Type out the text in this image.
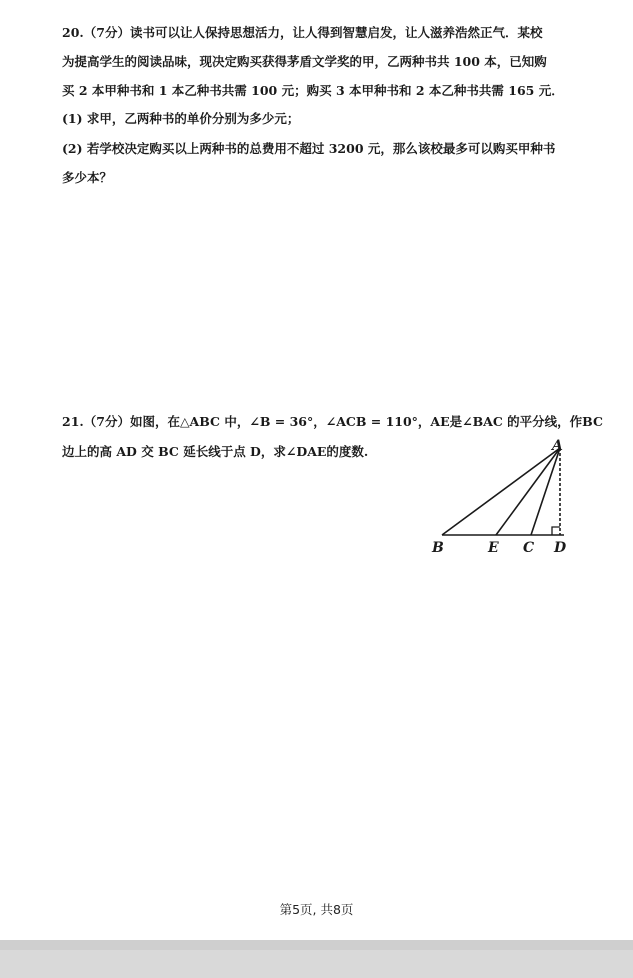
20.（7分）读书可以让人保持思想活力，让人得到智慧启发，让人滋养浩然正气．某校
为提高学生的阅读品味，现决定购买获得茅盾文学奖的甲，乙两种书共 100 本，已知购
买 2 本甲种书和 1 本乙种书共需 100 元；购买 3 本甲种书和 2 本乙种书共需 165 元．
(1) 求甲，乙两种书的单价分别为多少元；
(2) 若学校决定购买以上两种书的总费用不超过 3200 元，那么该校最多可以购买甲种书
多少本？
21.（7分）如图，在△ABC 中，∠B = 36°，∠ACB = 110°，AE是∠BAC 的平分线，作BC
边上的高 AD 交 BC 延长线于点 D，求∠DAE的度数.	A
B	E C D
第5页, 共8页
